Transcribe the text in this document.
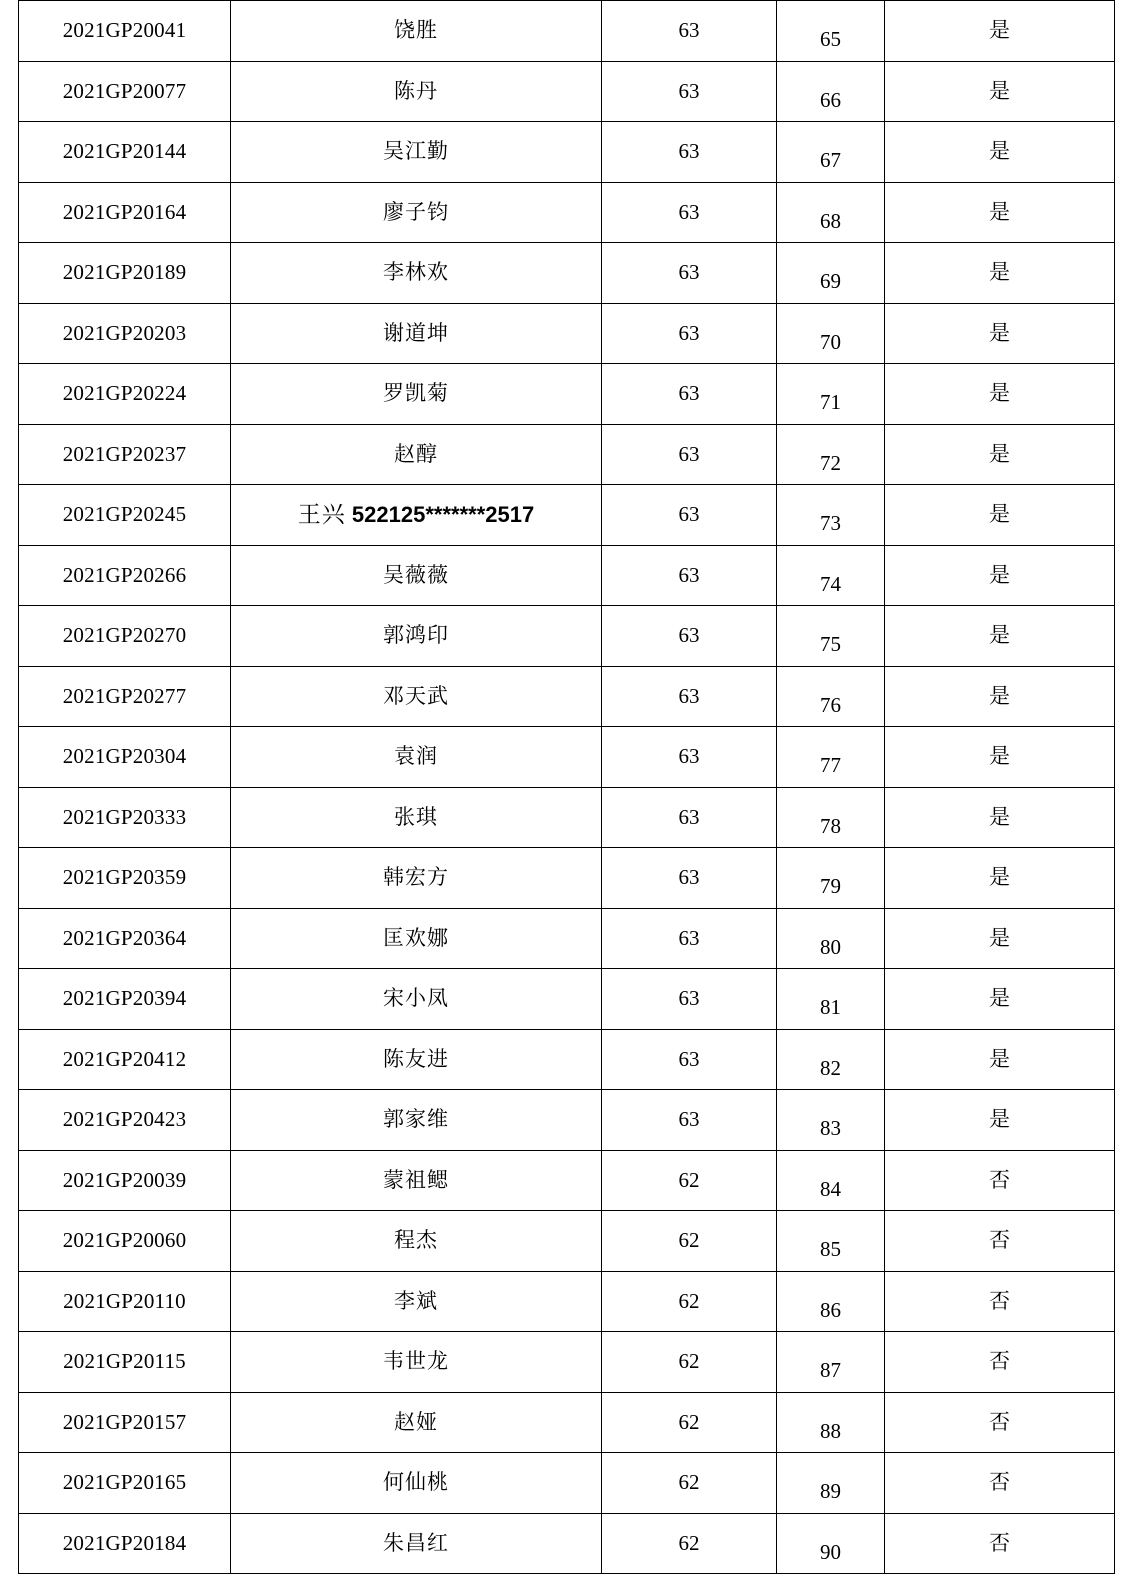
2021GP20041	饶胜	63	65	是
2021GP20077	陈丹	63	66	是
2021GP20144	吴江勤	63	67	是
2021GP20164	廖子钧	63	68	是
2021GP20189	李林欢	63	69	是
2021GP20203	谢道坤	63	70	是
2021GP20224	罗凯菊	63	71	是
2021GP20237	赵醇	63	72	是
2021GP20245	王兴 522125*******2517	63	73	是
2021GP20266	吴薇薇	63	74	是
2021GP20270	郭鸿印	63	75	是
2021GP20277	邓天武	63	76	是
2021GP20304	袁润	63	77	是
2021GP20333	张琪	63	78	是
2021GP20359	韩宏方	63	79	是
2021GP20364	匡欢娜	63	80	是
2021GP20394	宋小凤	63	81	是
2021GP20412	陈友进	63	82	是
2021GP20423	郭家维	63	83	是
2021GP20039	蒙祖鳃	62	84	否
2021GP20060	程杰	62	85	否
2021GP20110	李斌	62	86	否
2021GP20115	韦世龙	62	87	否
2021GP20157	赵娅	62	88	否
2021GP20165	何仙桃	62	89	否
2021GP20184	朱昌红	62	90	否
